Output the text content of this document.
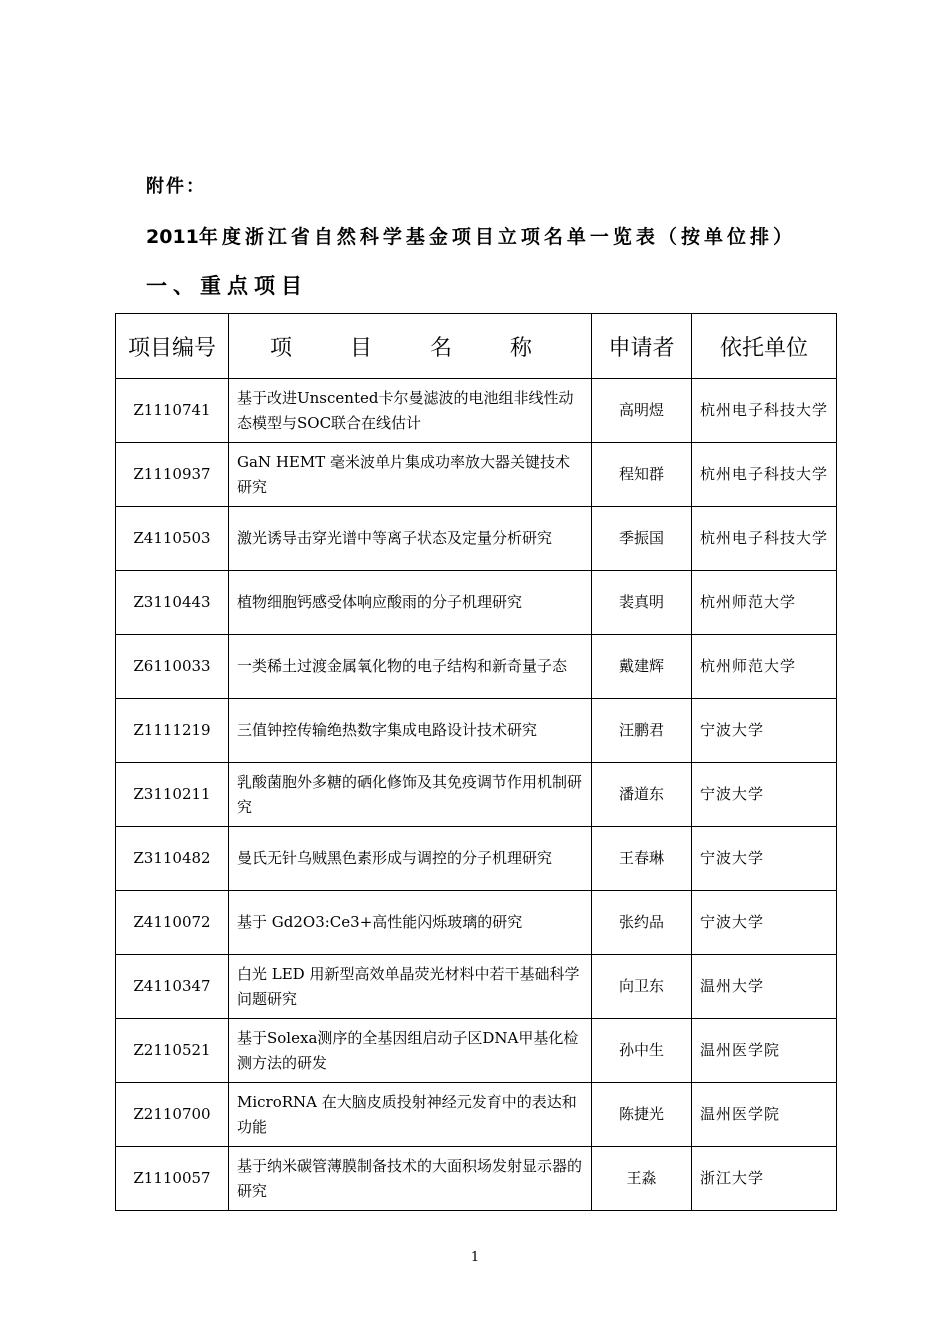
附件：
2011年度浙江省自然科学基金项目立项名单一览表 （按单位排）
一、重点项目
项目编号	项　目　名　称	申请者	依托单位
Z1110741	基于改进Unscented卡尔曼滤波的电池组非线性动态模型与SOC联合在线估计	高明煜	杭州电子科技大学
Z1110937	GaN HEMT 毫米波单片集成功率放大器关键技术研究	程知群	杭州电子科技大学
Z4110503	激光诱导击穿光谱中等离子状态及定量分析研究	季振国	杭州电子科技大学
Z3110443	植物细胞钙感受体响应酸雨的分子机理研究	裴真明	杭州师范大学
Z6110033	一类稀土过渡金属氧化物的电子结构和新奇量子态	戴建辉	杭州师范大学
Z1111219	三值钟控传输绝热数字集成电路设计技术研究	汪鹏君	宁波大学
Z3110211	乳酸菌胞外多糖的硒化修饰及其免疫调节作用机制研究	潘道东	宁波大学
Z3110482	曼氏无针乌贼黑色素形成与调控的分子机理研究	王春琳	宁波大学
Z4110072	基于 Gd2O3:Ce3+高性能闪烁玻璃的研究	张约品	宁波大学
Z4110347	白光 LED 用新型高效单晶荧光材料中若干基础科学问题研究	向卫东	温州大学
Z2110521	基于Solexa测序的全基因组启动子区DNA甲基化检测方法的研发	孙中生	温州医学院
Z2110700	MicroRNA 在大脑皮质投射神经元发育中的表达和功能	陈捷光	温州医学院
Z1110057	基于纳米碳管薄膜制备技术的大面积场发射显示器的研究	王淼	浙江大学
1
